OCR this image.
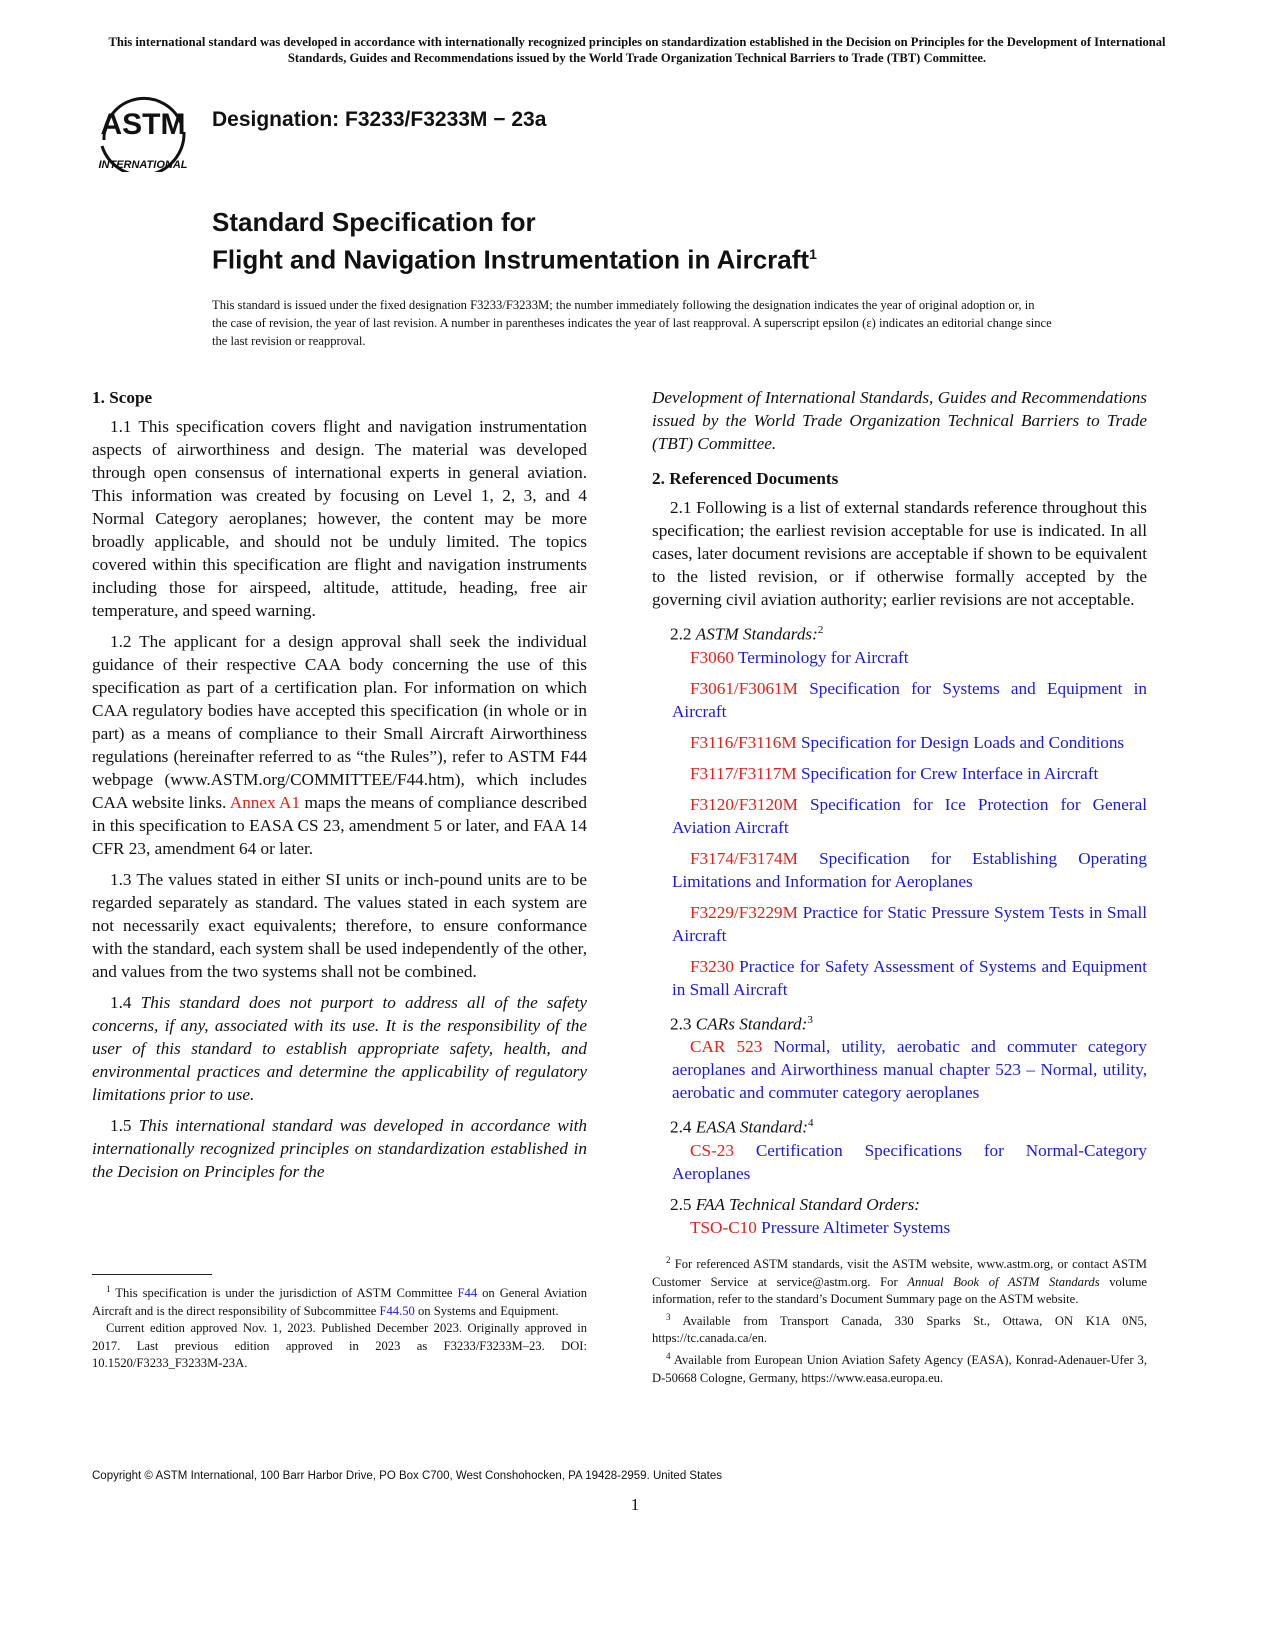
This international standard was developed in accordance with internationally recognized principles on standardization established in the Decision on Principles for the Development of International Standards, Guides and Recommendations issued by the World Trade Organization Technical Barriers to Trade (TBT) Committee.
ASTM
INTERNATIONAL
Designation: F3233/F3233M − 23a
Standard Specification for
Flight and Navigation Instrumentation in Aircraft$^1$
This standard is issued under the fixed designation F3233/F3233M; the number immediately following the designation indicates the year of original adoption or, in the case of revision, the year of last revision. A number in parentheses indicates the year of last reapproval. A superscript epsilon (ε) indicates an editorial change since the last revision or reapproval.
1. Scope

1.1 This specification covers flight and navigation instrumentation aspects of airworthiness and design. The material was developed through open consensus of international experts in general aviation. This information was created by focusing on Level 1, 2, 3, and 4 Normal Category aeroplanes; however, the content may be more broadly applicable, and should not be unduly limited. The topics covered within this specification are flight and navigation instruments including those for airspeed, altitude, attitude, heading, free air temperature, and speed warning.

1.2 The applicant for a design approval shall seek the individual guidance of their respective CAA body concerning the use of this specification as part of a certification plan. For information on which CAA regulatory bodies have accepted this specification (in whole or in part) as a means of compliance to their Small Aircraft Airworthiness regulations (hereinafter referred to as “the Rules”), refer to ASTM F44 webpage (www.ASTM.org/COMMITTEE/F44.htm), which includes CAA website links. Annex A1 maps the means of compliance described in this specification to EASA CS 23, amendment 5 or later, and FAA 14 CFR 23, amendment 64 or later.

1.3 The values stated in either SI units or inch-pound units are to be regarded separately as standard. The values stated in each system are not necessarily exact equivalents; therefore, to ensure conformance with the standard, each system shall be used independently of the other, and values from the two systems shall not be combined.

1.4 This standard does not purport to address all of the safety concerns, if any, associated with its use. It is the responsibility of the user of this standard to establish appropriate safety, health, and environmental practices and determine the applicability of regulatory limitations prior to use.

1.5 This international standard was developed in accordance with internationally recognized principles on standardization established in the Decision on Principles for the

$^1$ This specification is under the jurisdiction of ASTM Committee F44 on General Aviation Aircraft and is the direct responsibility of Subcommittee F44.50 on Systems and Equipment.

Current edition approved Nov. 1, 2023. Published December 2023. Originally approved in 2017. Last previous edition approved in 2023 as F3233/F3233M–23. DOI: 10.1520/F3233_F3233M-23A.

Development of International Standards, Guides and Recommendations issued by the World Trade Organization Technical Barriers to Trade (TBT) Committee.

2. Referenced Documents

2.1 Following is a list of external standards reference throughout this specification; the earliest revision acceptable for use is indicated. In all cases, later document revisions are acceptable if shown to be equivalent to the listed revision, or if otherwise formally accepted by the governing civil aviation authority; earlier revisions are not acceptable.

2.2 ASTM Standards:$^2$

F3060 Terminology for Aircraft

F3061/F3061M Specification for Systems and Equipment in Aircraft

F3116/F3116M Specification for Design Loads and Conditions

F3117/F3117M Specification for Crew Interface in Aircraft

F3120/F3120M Specification for Ice Protection for General Aviation Aircraft

F3174/F3174M Specification for Establishing Operating Limitations and Information for Aeroplanes

F3229/F3229M Practice for Static Pressure System Tests in Small Aircraft

F3230 Practice for Safety Assessment of Systems and Equipment in Small Aircraft

2.3 CARs Standard:$^3$

CAR 523 Normal, utility, aerobatic and commuter category aeroplanes and Airworthiness manual chapter 523 – Normal, utility, aerobatic and commuter category aeroplanes

2.4 EASA Standard:$^4$

CS-23 Certification Specifications for Normal-Category Aeroplanes

2.5 FAA Technical Standard Orders:

TSO-C10 Pressure Altimeter Systems

$^2$ For referenced ASTM standards, visit the ASTM website, www.astm.org, or contact ASTM Customer Service at service@astm.org. For Annual Book of ASTM Standards volume information, refer to the standard’s Document Summary page on the ASTM website.

$^3$ Available from Transport Canada, 330 Sparks St., Ottawa, ON K1A 0N5, https://tc.canada.ca/en.

$^4$ Available from European Union Aviation Safety Agency (EASA), Konrad-Adenauer-Ufer 3, D-50668 Cologne, Germany, https://www.easa.europa.eu.

Copyright © ASTM International, 100 Barr Harbor Drive, PO Box C700, West Conshohocken, PA 19428-2959. United States
1
